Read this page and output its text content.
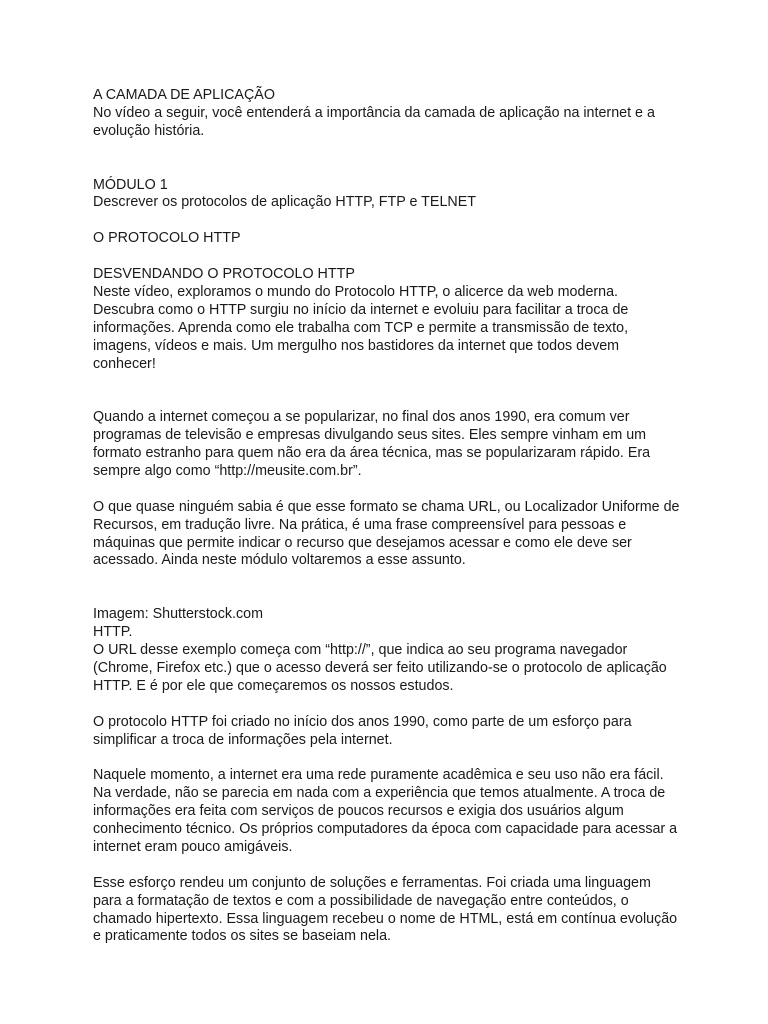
A CAMADA DE APLICAÇÃO

No vídeo a seguir, você entenderá a importância da camada de aplicação na internet e a
evolução história.

MÓDULO 1

Descrever os protocolos de aplicação HTTP, FTP e TELNET

O PROTOCOLO HTTP

DESVENDANDO O PROTOCOLO HTTP

Neste vídeo, exploramos o mundo do Protocolo HTTP, o alicerce da web moderna.
Descubra como o HTTP surgiu no início da internet e evoluiu para facilitar a troca de
informações. Aprenda como ele trabalha com TCP e permite a transmissão de texto,
imagens, vídeos e mais. Um mergulho nos bastidores da internet que todos devem
conhecer!

Quando a internet começou a se popularizar, no final dos anos 1990, era comum ver
programas de televisão e empresas divulgando seus sites. Eles sempre vinham em um
formato estranho para quem não era da área técnica, mas se popularizaram rápido. Era
sempre algo como “http://meusite.com.br”.

O que quase ninguém sabia é que esse formato se chama URL, ou Localizador Uniforme de
Recursos, em tradução livre. Na prática, é uma frase compreensível para pessoas e
máquinas que permite indicar o recurso que desejamos acessar e como ele deve ser
acessado. Ainda neste módulo voltaremos a esse assunto.

Imagem: Shutterstock.com

HTTP.

O URL desse exemplo começa com “http://”, que indica ao seu programa navegador
(Chrome, Firefox etc.) que o acesso deverá ser feito utilizando-se o protocolo de aplicação
HTTP. E é por ele que começaremos os nossos estudos.

O protocolo HTTP foi criado no início dos anos 1990, como parte de um esforço para
simplificar a troca de informações pela internet.

Naquele momento, a internet era uma rede puramente acadêmica e seu uso não era fácil.
Na verdade, não se parecia em nada com a experiência que temos atualmente. A troca de
informações era feita com serviços de poucos recursos e exigia dos usuários algum
conhecimento técnico. Os próprios computadores da época com capacidade para acessar a
internet eram pouco amigáveis.

Esse esforço rendeu um conjunto de soluções e ferramentas. Foi criada uma linguagem
para a formatação de textos e com a possibilidade de navegação entre conteúdos, o
chamado hipertexto. Essa linguagem recebeu o nome de HTML, está em contínua evolução
e praticamente todos os sites se baseiam nela.
